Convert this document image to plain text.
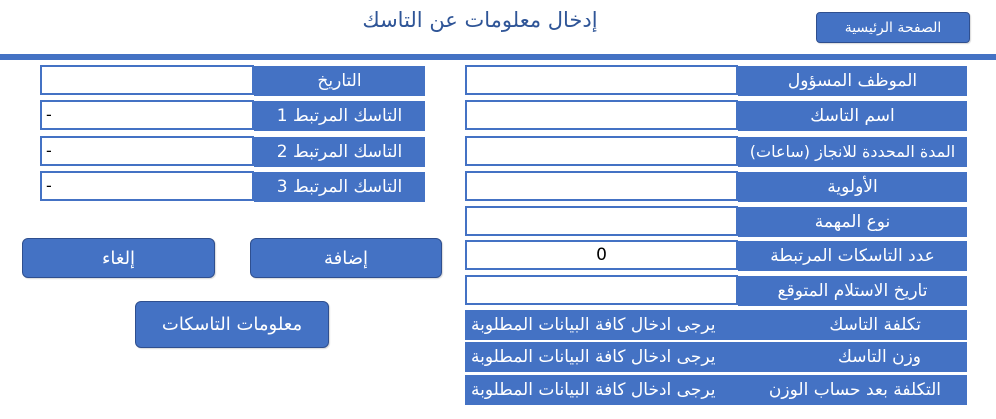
إدخال معلومات عن التاسك	الصفحة الرئيسية
التاريخ
-	التاسك المرتبط 1
-	التاسك المرتبط 2
-	التاسك المرتبط 3
إلغاء	إضافة
معلومات التاسكات
الموظف المسؤول
اسم التاسك
المدة المحددة للانجاز (ساعات)
الأولوية
نوع المهمة
0	عدد التاسكات المرتبطة
تاريخ الاستلام المتوقع
يرجى ادخال كافة البيانات المطلوبة	تكلفة التاسك
يرجى ادخال كافة البيانات المطلوبة	وزن التاسك
يرجى ادخال كافة البيانات المطلوبة	التكلفة بعد حساب الوزن
